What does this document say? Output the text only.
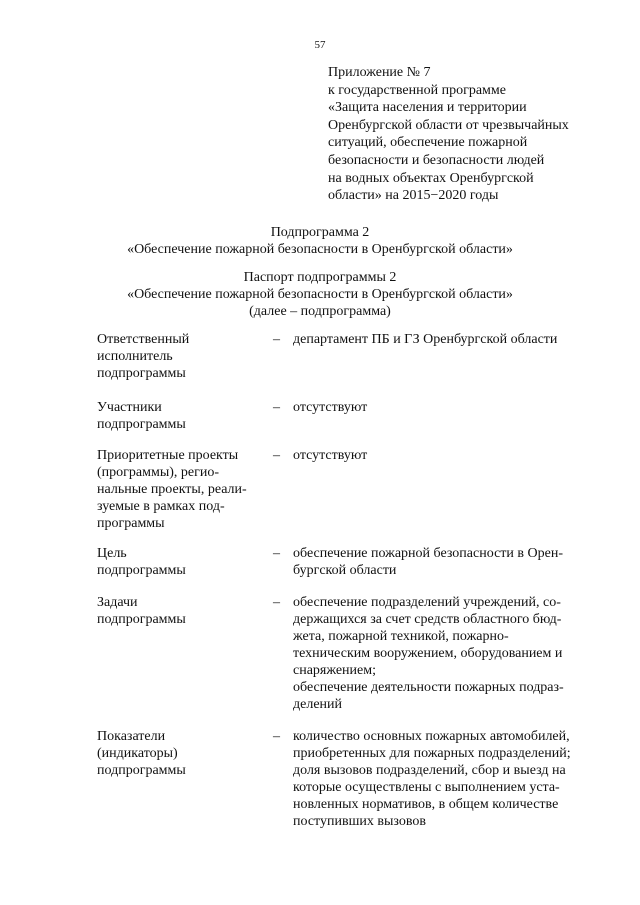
57
Приложение № 7
к государственной программе
«Защита населения и территории
Оренбургской области от чрезвычайных
ситуаций, обеспечение пожарной
безопасности и безопасности людей
на водных объектах Оренбургской
области» на 2015−2020 годы
Подпрограмма 2
«Обеспечение пожарной безопасности в Оренбургской области»
Паспорт подпрограммы 2
«Обеспечение пожарной безопасности в Оренбургской области»
(далее – подпрограмма)
Ответственный
исполнитель
подпрограммы
– департамент ПБ и ГЗ Оренбургской области
Участники
подпрограммы
– отсутствуют
Приоритетные проекты
(программы), регио-
нальные проекты, реали-
зуемые в рамках под-
программы
– отсутствуют
Цель
подпрограммы
– обеспечение пожарной безопасности в Орен-
бургской области
Задачи
подпрограммы
– обеспечение подразделений учреждений, со-
держащихся за счет средств областного бюд-
жета, пожарной техникой, пожарно-
техническим вооружением, оборудованием и
снаряжением;
обеспечение деятельности пожарных подраз-
делений
Показатели
(индикаторы)
подпрограммы
– количество основных пожарных автомобилей,
приобретенных для пожарных подразделений;
доля вызовов подразделений, сбор и выезд на
которые осуществлены с выполнением уста-
новленных нормативов, в общем количестве
поступивших вызовов
